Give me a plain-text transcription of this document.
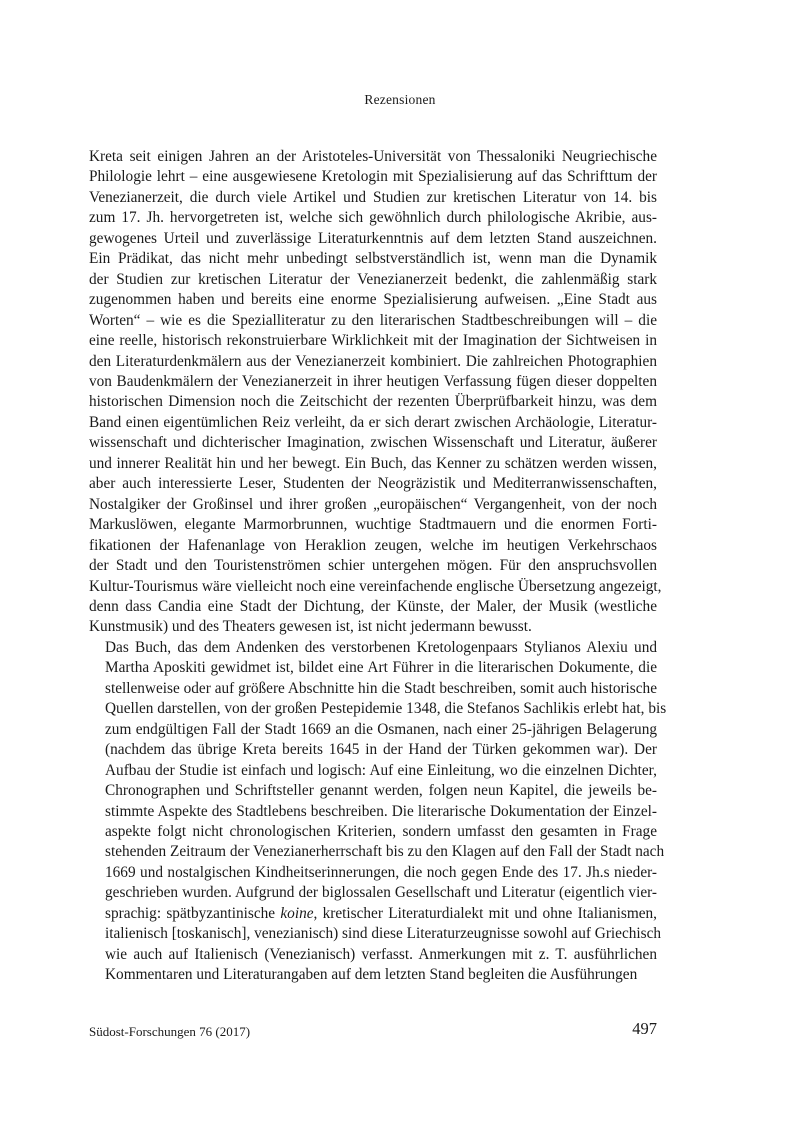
Rezensionen

Kreta seit einigen Jahren an der Aristoteles-Universität von Thessaloniki Neugriechische
Philologie lehrt – eine ausgewiesene Kretologin mit Spezialisierung auf das Schrifttum der
Venezianerzeit, die durch viele Artikel und Studien zur kretischen Literatur von 14. bis
zum 17. Jh. hervorgetreten ist, welche sich gewöhnlich durch philologische Akribie, aus-
gewogenes Urteil und zuverlässige Literaturkenntnis auf dem letzten Stand auszeichnen.
Ein Prädikat, das nicht mehr unbedingt selbstverständlich ist, wenn man die Dynamik
der Studien zur kretischen Literatur der Venezianerzeit bedenkt, die zahlenmäßig stark
zugenommen haben und bereits eine enorme Spezialisierung aufweisen. „Eine Stadt aus
Worten“ – wie es die Spezialliteratur zu den literarischen Stadtbeschreibungen will – die
eine reelle, historisch rekonstruierbare Wirklichkeit mit der Imagination der Sichtweisen in
den Literaturdenkmälern aus der Venezianerzeit kombiniert. Die zahlreichen Photographien
von Baudenkmälern der Venezianerzeit in ihrer heutigen Verfassung fügen dieser doppelten
historischen Dimension noch die Zeitschicht der rezenten Überprüfbarkeit hinzu, was dem
Band einen eigentümlichen Reiz verleiht, da er sich derart zwischen Archäologie, Literatur-
wissenschaft und dichterischer Imagination, zwischen Wissenschaft und Literatur, äußerer
und innerer Realität hin und her bewegt. Ein Buch, das Kenner zu schätzen werden wissen,
aber auch interessierte Leser, Studenten der Neogräzistik und Mediterranwissenschaften,
Nostalgiker der Großinsel und ihrer großen „europäischen“ Vergangenheit, von der noch
Markuslöwen, elegante Marmorbrunnen, wuchtige Stadtmauern und die enormen Forti-
fikationen der Hafenanlage von Heraklion zeugen, welche im heutigen Verkehrschaos
der Stadt und den Touristenströmen schier untergehen mögen. Für den anspruchsvollen
Kultur-Tourismus wäre vielleicht noch eine vereinfachende englische Übersetzung angezeigt,
denn dass Candia eine Stadt der Dichtung, der Künste, der Maler, der Musik (westliche
Kunstmusik) und des Theaters gewesen ist, ist nicht jedermann bewusst.

Das Buch, das dem Andenken des verstorbenen Kretologenpaars Stylianos Alexiu und
Martha Aposkiti gewidmet ist, bildet eine Art Führer in die literarischen Dokumente, die
stellenweise oder auf größere Abschnitte hin die Stadt beschreiben, somit auch historische
Quellen darstellen, von der großen Pestepidemie 1348, die Stefanos Sachlikis erlebt hat, bis
zum endgültigen Fall der Stadt 1669 an die Osmanen, nach einer 25-jährigen Belagerung
(nachdem das übrige Kreta bereits 1645 in der Hand der Türken gekommen war). Der
Aufbau der Studie ist einfach und logisch: Auf eine Einleitung, wo die einzelnen Dichter,
Chronographen und Schriftsteller genannt werden, folgen neun Kapitel, die jeweils be-
stimmte Aspekte des Stadtlebens beschreiben. Die literarische Dokumentation der Einzel-
aspekte folgt nicht chronologischen Kriterien, sondern umfasst den gesamten in Frage
stehenden Zeitraum der Venezianerherrschaft bis zu den Klagen auf den Fall der Stadt nach
1669 und nostalgischen Kindheitserinnerungen, die noch gegen Ende des 17. Jh.s nieder-
geschrieben wurden. Aufgrund der biglossalen Gesellschaft und Literatur (eigentlich vier-
sprachig: spätbyzantinische koine, kretischer Literaturdialekt mit und ohne Italianismen,
italienisch [toskanisch], venezianisch) sind diese Literaturzeugnisse sowohl auf Griechisch
wie auch auf Italienisch (Venezianisch) verfasst. Anmerkungen mit z. T. ausführlichen
Kommentaren und Literaturangaben auf dem letzten Stand begleiten die Ausführungen

Südost-Forschungen 76 (2017)	497
